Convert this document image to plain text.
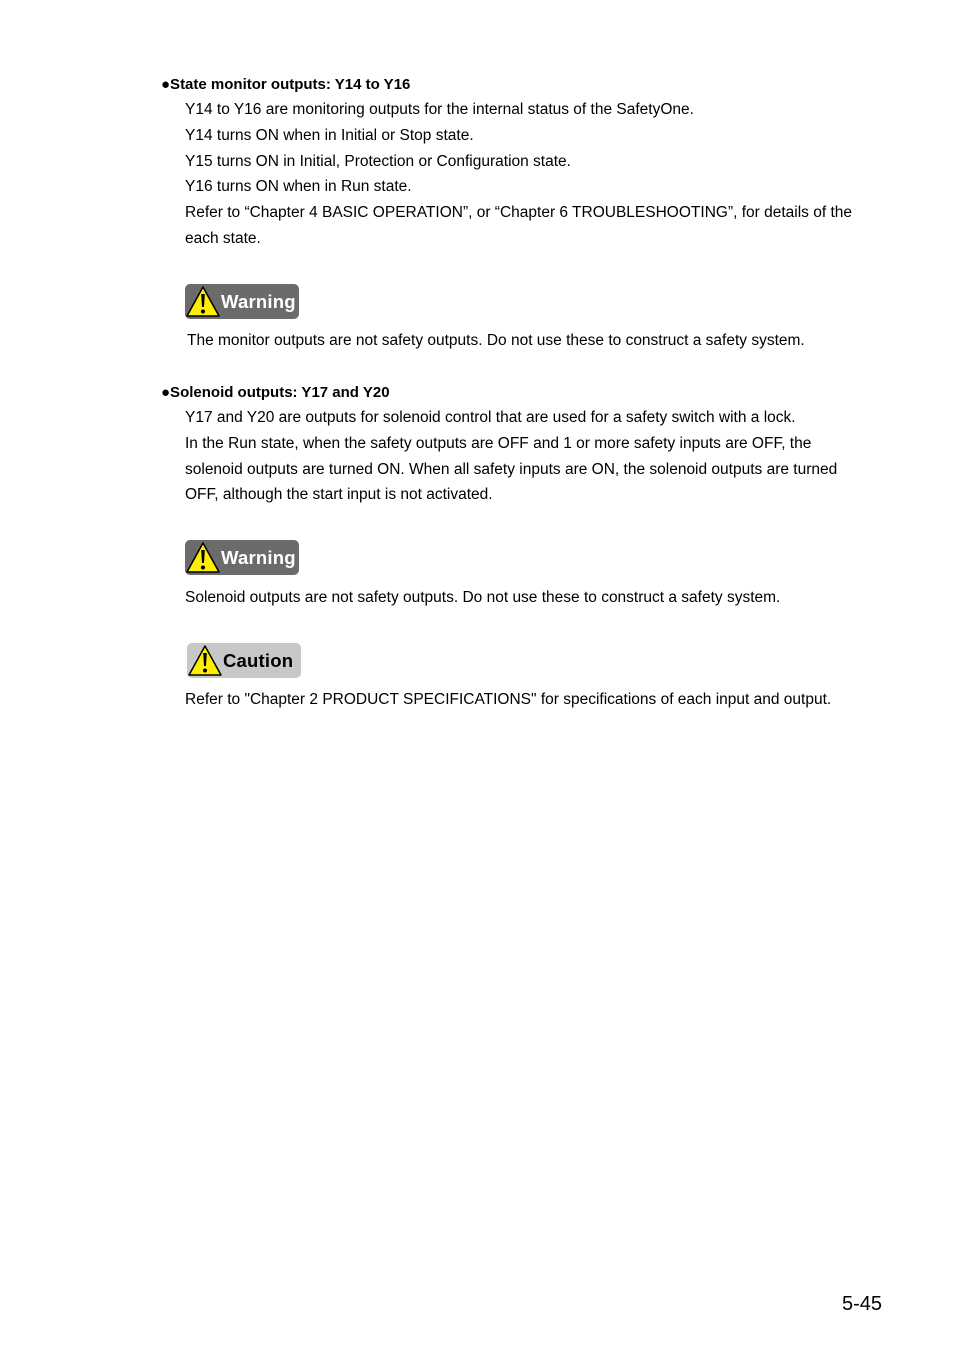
●State monitor outputs: Y14 to Y16
Y14 to Y16 are monitoring outputs for the internal status of the SafetyOne.
Y14 turns ON when in Initial or Stop state.
Y15 turns ON in Initial, Protection or Configuration state.
Y16 turns ON when in Run state.
Refer to “Chapter 4 BASIC OPERATION”, or “Chapter 6 TROUBLESHOOTING”, for details of the
each state.
Warning
The monitor outputs are not safety outputs. Do not use these to construct a safety system.
●Solenoid outputs: Y17 and Y20
Y17 and Y20 are outputs for solenoid control that are used for a safety switch with a lock.
In the Run state, when the safety outputs are OFF and 1 or more safety inputs are OFF, the
solenoid outputs are turned ON. When all safety inputs are ON, the solenoid outputs are turned
OFF, although the start input is not activated.
Warning
Solenoid outputs are not safety outputs. Do not use these to construct a safety system.
Caution
Refer to "Chapter 2 PRODUCT SPECIFICATIONS" for specifications of each input and output.
5-45
